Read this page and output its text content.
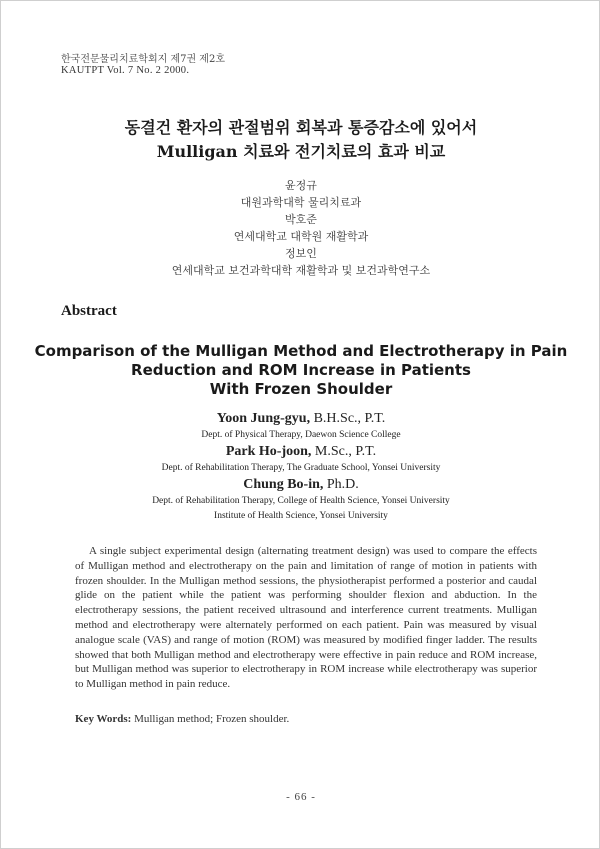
한국전문물리치료학회지 제7권 제2호
KAUTPT Vol. 7 No. 2 2000.
동결건 환자의 관절범위 회복과 통증감소에 있어서
Mulligan 치료와 전기치료의 효과 비교
윤정규
대원과학대학 물리치료과
박호준
연세대학교 대학원 재활학과
정보인
연세대학교 보건과학대학 재활학과 및 보건과학연구소
Abstract
Comparison of the Mulligan Method and Electrotherapy in Pain
Reduction and ROM Increase in Patients
With Frozen Shoulder
Yoon Jung-gyu, B.H.Sc., P.T.
Dept. of Physical Therapy, Daewon Science College
Park Ho-joon, M.Sc., P.T.
Dept. of Rehabilitation Therapy, The Graduate School, Yonsei University
Chung Bo-in, Ph.D.
Dept. of Rehabilitation Therapy, College of Health Science, Yonsei University
Institute of Health Science, Yonsei University
A single subject experimental design (alternating treatment design) was used to compare the effects of Mulligan method and electrotherapy on the pain and limitation of range of motion in patients with frozen shoulder. In the Mulligan method sessions, the physiotherapist performed a posterior and caudal glide on the patient while the patient was performing shoulder flexion and abduction. In the electrotherapy sessions, the patient received ultrasound and interference current treatments. Mulligan method and electrotherapy were alternately performed on each patient. Pain was measured by visual analogue scale (VAS) and range of motion (ROM) was measured by modified finger ladder. The results showed that both Mulligan method and electrotherapy were effective in pain reduce and ROM increase, but Mulligan method was superior to electrotherapy in ROM increase while electrotherapy was superior to Mulligan method in pain reduce.
Key Words: Mulligan method; Frozen shoulder.
- 66 -
